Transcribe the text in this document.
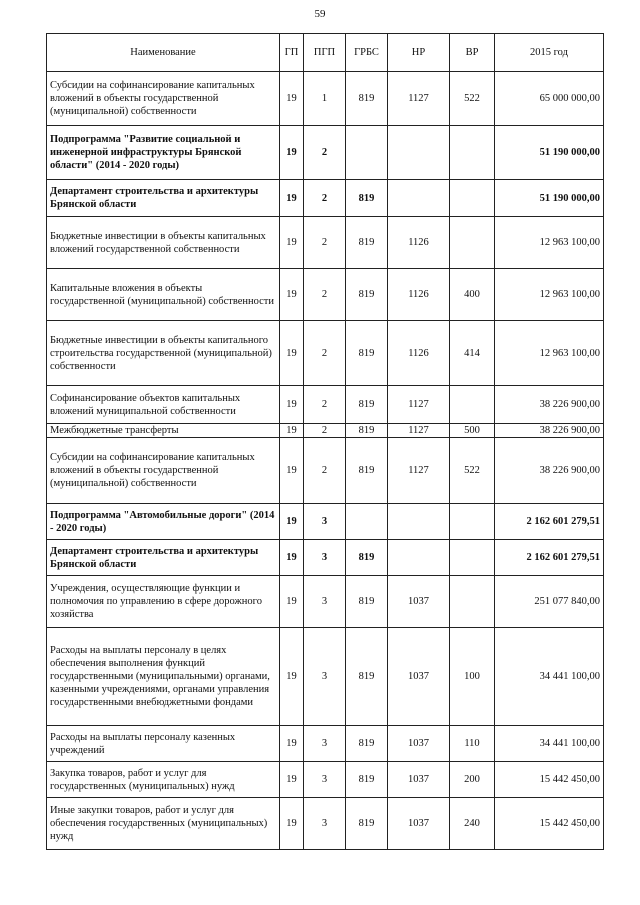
59
Наименование	ГП	ПГП	ГРБС	НР	ВР	2015 год
Субсидии на софинансирование капитальных вложений в объекты государственной (муниципальной) собственности	19	1	819	1127	522	65 000 000,00
Подпрограмма "Развитие социальной и инженерной инфраструктуры Брянской области" (2014 - 2020 годы)	19	2				51 190 000,00
Департамент строительства и архитектуры Брянской области	19	2	819			51 190 000,00
Бюджетные инвестиции в объекты капитальных вложений государственной собственности	19	2	819	1126		12 963 100,00
Капитальные вложения в объекты государственной (муниципальной) собственности	19	2	819	1126	400	12 963 100,00
Бюджетные инвестиции в объекты капитального строительства государственной (муниципальной) собственности	19	2	819	1126	414	12 963 100,00
Софинансирование объектов капитальных вложений муниципальной собственности	19	2	819	1127		38 226 900,00
Межбюджетные трансферты	19	2	819	1127	500	38 226 900,00
Субсидии на софинансирование капитальных вложений в объекты государственной (муниципальной) собственности	19	2	819	1127	522	38 226 900,00
Подпрограмма "Автомобильные дороги" (2014 - 2020 годы)	19	3				2 162 601 279,51
Департамент строительства и архитектуры Брянской области	19	3	819			2 162 601 279,51
Учреждения, осуществляющие функции и полномочия по управлению в сфере дорожного хозяйства	19	3	819	1037		251 077 840,00
Расходы на выплаты персоналу в целях обеспечения выполнения функций государственными (муниципальными) органами, казенными учреждениями, органами управления государственными внебюджетными фондами	19	3	819	1037	100	34 441 100,00
Расходы на выплаты персоналу казенных учреждений	19	3	819	1037	110	34 441 100,00
Закупка товаров, работ и услуг для государственных (муниципальных) нужд	19	3	819	1037	200	15 442 450,00
Иные закупки товаров, работ и услуг для обеспечения государственных (муниципальных) нужд	19	3	819	1037	240	15 442 450,00
